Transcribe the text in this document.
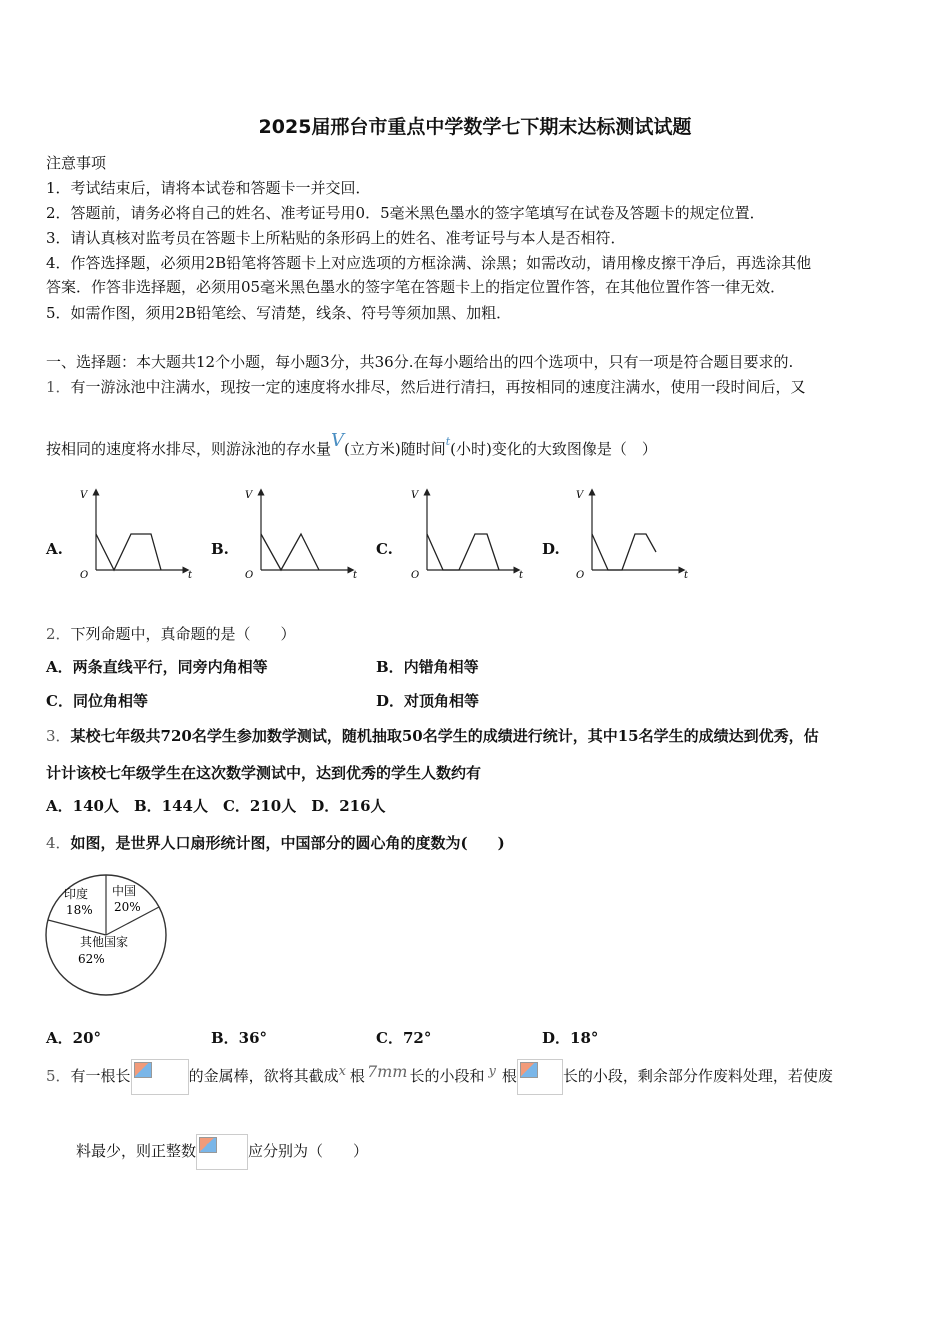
2025届邢台市重点中学数学七下期末达标测试试题
注意事项
1．考试结束后，请将本试卷和答题卡一并交回．
2．答题前，请务必将自己的姓名、准考证号用0．5毫米黑色墨水的签字笔填写在试卷及答题卡的规定位置．
3．请认真核对监考员在答题卡上所粘贴的条形码上的姓名、准考证号与本人是否相符．
4．作答选择题，必须用2B铅笔将答题卡上对应选项的方框涂满、涂黑；如需改动，请用橡皮擦干净后，再选涂其他
答案．作答非选择题，必须用05毫米黑色墨水的签字笔在答题卡上的指定位置作答，在其他位置作答一律无效．
5．如需作图，须用2B铅笔绘、写清楚，线条、符号等须加黑、加粗．
一、选择题：本大题共12个小题，每小题3分，共36分.在每小题给出的四个选项中，只有一项是符合题目要求的.
1．有一游泳池中注满水，现按一定的速度将水排尽，然后进行清扫，再按相同的速度注满水，使用一段时间后，又
按相同的速度将水排尽，则游泳池的存水量V(立方米)随时间$^t$(小时)变化的大致图像是（　）
A.	B.	C.	D.
V
O	t
V
O	t
V
O	t
V
O	t
2．下列命题中，真命题的是（　　）
A．两条直线平行，同旁内角相等	B．内错角相等
C．同位角相等	D．对顶角相等
3．某校七年级共720名学生参加数学测试，随机抽取50名学生的成绩进行统计，其中15名学生的成绩达到优秀，估
计计该校七年级学生在这次数学测试中，达到优秀的学生人数约有
A．140人　B．144人　C．210人　D．216人
4．如图，是世界人口扇形统计图，中国部分的圆心角的度数为(　　)
印度
18%
中国
20%
其他国家
62%
A．20°	B．36°	C．72°	D．18°
5．有一根长	的金属棒，欲将其截成x 根 7mm 长的小段和 y 根	长的小段，剩余部分作废料处理，若使废
料最少，则正整数	应分别为（　　）
